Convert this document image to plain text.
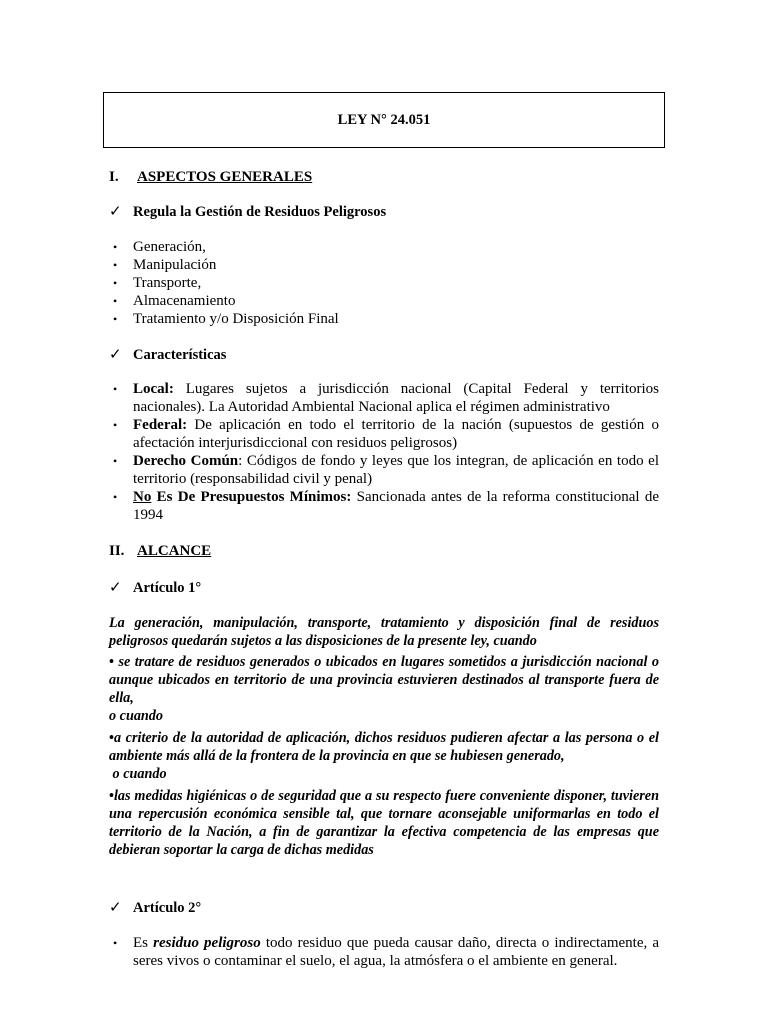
LEY N° 24.051
I. ASPECTOS GENERALES
✓ Regula la Gestión de Residuos Peligrosos
• Generación,
• Manipulación
• Transporte,
• Almacenamiento
• Tratamiento y/o Disposición Final
✓ Características
• Local: Lugares sujetos a jurisdicción nacional (Capital Federal y territorios nacionales). La Autoridad Ambiental Nacional aplica el régimen administrativo
• Federal: De aplicación en todo el territorio de la nación (supuestos de gestión o afectación interjurisdiccional con residuos peligrosos)
• Derecho Común: Códigos de fondo y leyes que los integran, de aplicación en todo el territorio (responsabilidad civil y penal)
• No Es De Presupuestos Mínimos: Sancionada antes de la reforma constitucional de 1994
II. ALCANCE
✓ Artículo 1°
La generación, manipulación, transporte, tratamiento y disposición final de residuos peligrosos quedarán sujetos a las disposiciones de la presente ley, cuando
• se tratare de residuos generados o ubicados en lugares sometidos a jurisdicción nacional o aunque ubicados en territorio de una provincia estuvieren destinados al transporte fuera de ella,
o cuando
•a criterio de la autoridad de aplicación, dichos residuos pudieren afectar a las persona o el ambiente más allá de la frontera de la provincia en que se hubiesen generado,
o cuando
•las medidas higiénicas o de seguridad que a su respecto fuere conveniente disponer, tuvieren una repercusión económica sensible tal, que tornare aconsejable uniformarlas en todo el territorio de la Nación, a fin de garantizar la efectiva competencia de las empresas que debieran soportar la carga de dichas medidas
✓ Artículo 2°
• Es residuo peligroso todo residuo que pueda causar daño, directa o indirectamente, a seres vivos o contaminar el suelo, el agua, la atmósfera o el ambiente en general.
